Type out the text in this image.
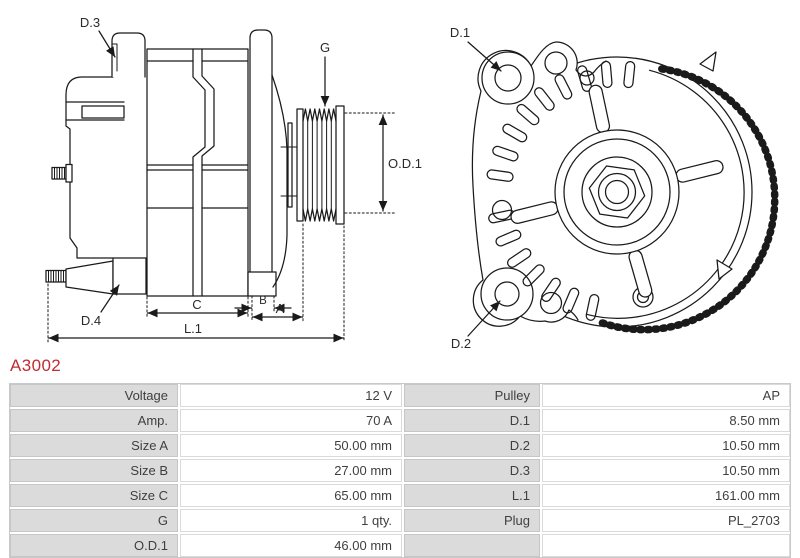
D.3
G
O.D.1
D.4
C	B A
L.1
D.1
D.2
A3002
Voltage	12 V	Pulley	AP
Amp.	70 A	D.1	8.50 mm
Size A	50.00 mm	D.2	10.50 mm
Size B	27.00 mm	D.3	10.50 mm
Size C	65.00 mm	L.1	161.00 mm
G	1 qty.	Plug	PL_2703
O.D.1	46.00 mm
